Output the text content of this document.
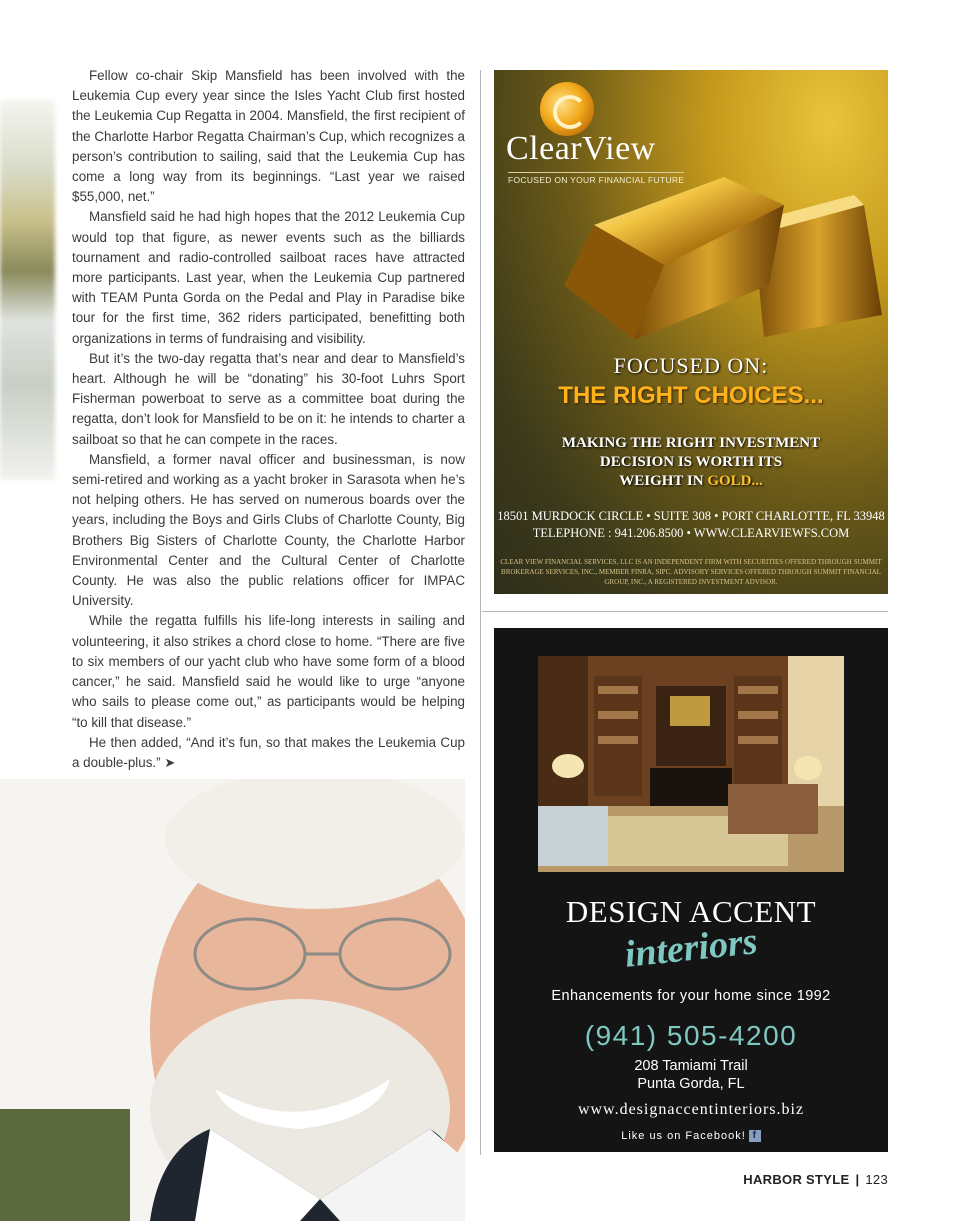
Fellow co-chair Skip Mansfield has been involved with the Leukemia Cup every year since the Isles Yacht Club first hosted the Leukemia Cup Regatta in 2004. Mansfield, the first recipient of the Charlotte Harbor Regatta Chairman’s Cup, which recognizes a person’s contribution to sailing, said that the Leukemia Cup has come a long way from its beginnings. “Last year we raised $55,000, net.”

Mansfield said he had high hopes that the 2012 Leukemia Cup would top that figure, as newer events such as the billiards tournament and radio-controlled sailboat races have attracted more participants. Last year, when the Leukemia Cup partnered with TEAM Punta Gorda on the Pedal and Play in Paradise bike tour for the first time, 362 riders participated, benefitting both organizations in terms of fundraising and visibility.

But it’s the two-day regatta that’s near and dear to Mansfield’s heart. Although he will be “donating” his 30-foot Luhrs Sport Fisherman powerboat to serve as a committee boat during the regatta, don’t look for Mansfield to be on it: he intends to charter a sailboat so that he can compete in the races.

Mansfield, a former naval officer and businessman, is now semi-retired and working as a yacht broker in Sarasota when he’s not helping others. He has served on numerous boards over the years, including the Boys and Girls Clubs of Charlotte County, Big Brothers Big Sisters of Charlotte County, the Charlotte Harbor Environmental Center and the Cultural Center of Charlotte County. He was also the public relations officer for IMPAC University.

While the regatta fulfills his life-long interests in sailing and volunteering, it also strikes a chord close to home. “There are five to six members of our yacht club who have some form of a blood cancer,” he said. Mansfield said he would like to urge “anyone who sails to please come out,” as participants would be helping “to kill that disease.”

He then added, “And it’s fun, so that makes the Leukemia Cup a double-plus.” ➤

ClearView
FOCUSED ON YOUR FINANCIAL FUTURE
FOCUSED ON:
THE RIGHT CHOICES...
MAKING THE RIGHT INVESTMENT
DECISION IS WORTH ITS
WEIGHT IN GOLD...
18501 MURDOCK CIRCLE • SUITE 308 • PORT CHARLOTTE, FL 33948
TELEPHONE : 941.206.8500 • WWW.CLEARVIEWFS.COM
CLEAR VIEW FINANCIAL SERVICES, LLC IS AN INDEPENDENT FIRM WITH SECURITIES OFFERED THROUGH SUMMIT BROKERAGE SERVICES, INC., MEMBER FINRA, SIPC. ADVISORY SERVICES OFFERED THROUGH SUMMIT FINANCIAL GROUP, INC., A REGISTERED INVESTMENT ADVISOR.
DESIGN ACCENT
interiors
Enhancements for your home since 1992
(941) 505-4200
208 Tamiami Trail
Punta Gorda, FL
www.designaccentinteriors.biz
Like us on Facebook! f
HARBOR STYLE | 123
